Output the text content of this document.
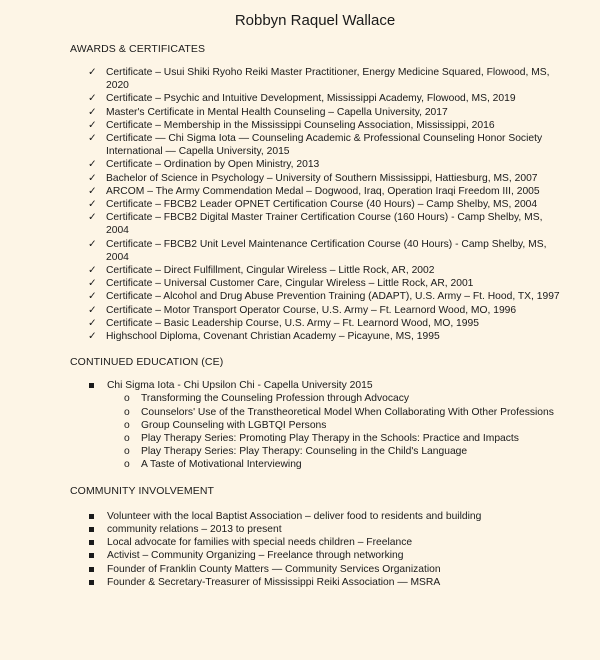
Robbyn Raquel Wallace
AWARDS & CERTIFICATES
✓ Certificate – Usui Shiki Ryoho Reiki Master Practitioner, Energy Medicine Squared, Flowood, MS, 2020
✓ Certificate – Psychic and Intuitive Development, Mississippi Academy, Flowood, MS, 2019
✓ Master's Certificate in Mental Health Counseling – Capella University, 2017
✓ Certificate – Membership in the Mississippi Counseling Association, Mississippi, 2016
✓ Certificate — Chi Sigma Iota — Counseling Academic & Professional Counseling Honor Society International — Capella University, 2015
✓ Certificate – Ordination by Open Ministry, 2013
✓ Bachelor of Science in Psychology – University of Southern Mississippi, Hattiesburg, MS, 2007
✓ ARCOM – The Army Commendation Medal – Dogwood, Iraq, Operation Iraqi Freedom III, 2005
✓ Certificate – FBCB2 Leader OPNET Certification Course (40 Hours) – Camp Shelby, MS, 2004
✓ Certificate – FBCB2 Digital Master Trainer Certification Course (160 Hours) - Camp Shelby, MS, 2004
✓ Certificate – FBCB2 Unit Level Maintenance Certification Course (40 Hours) - Camp Shelby, MS, 2004
✓ Certificate – Direct Fulfillment, Cingular Wireless – Little Rock, AR, 2002
✓ Certificate – Universal Customer Care, Cingular Wireless – Little Rock, AR, 2001
✓ Certificate – Alcohol and Drug Abuse Prevention Training (ADAPT), U.S. Army – Ft. Hood, TX, 1997
✓ Certificate – Motor Transport Operator Course, U.S. Army – Ft. Learnord Wood, MO, 1996
✓ Certificate – Basic Leadership Course, U.S. Army – Ft. Learnord Wood, MO, 1995
✓ Highschool Diploma, Covenant Christian Academy – Picayune, MS, 1995
CONTINUED EDUCATION (CE)
Chi Sigma Iota - Chi Upsilon Chi - Capella University 2015
o Transforming the Counseling Profession through Advocacy
o Counselors' Use of the Transtheoretical Model When Collaborating With Other Professions
o Group Counseling with LGBTQI Persons
o Play Therapy Series: Promoting Play Therapy in the Schools: Practice and Impacts
o Play Therapy Series: Play Therapy: Counseling in the Child's Language
o A Taste of Motivational Interviewing
COMMUNITY INVOLVEMENT
Volunteer with the local Baptist Association – deliver food to residents and building
community relations – 2013 to present
Local advocate for families with special needs children – Freelance
Activist – Community Organizing – Freelance through networking
Founder of Franklin County Matters — Community Services Organization
Founder & Secretary-Treasurer of Mississippi Reiki Association — MSRA
